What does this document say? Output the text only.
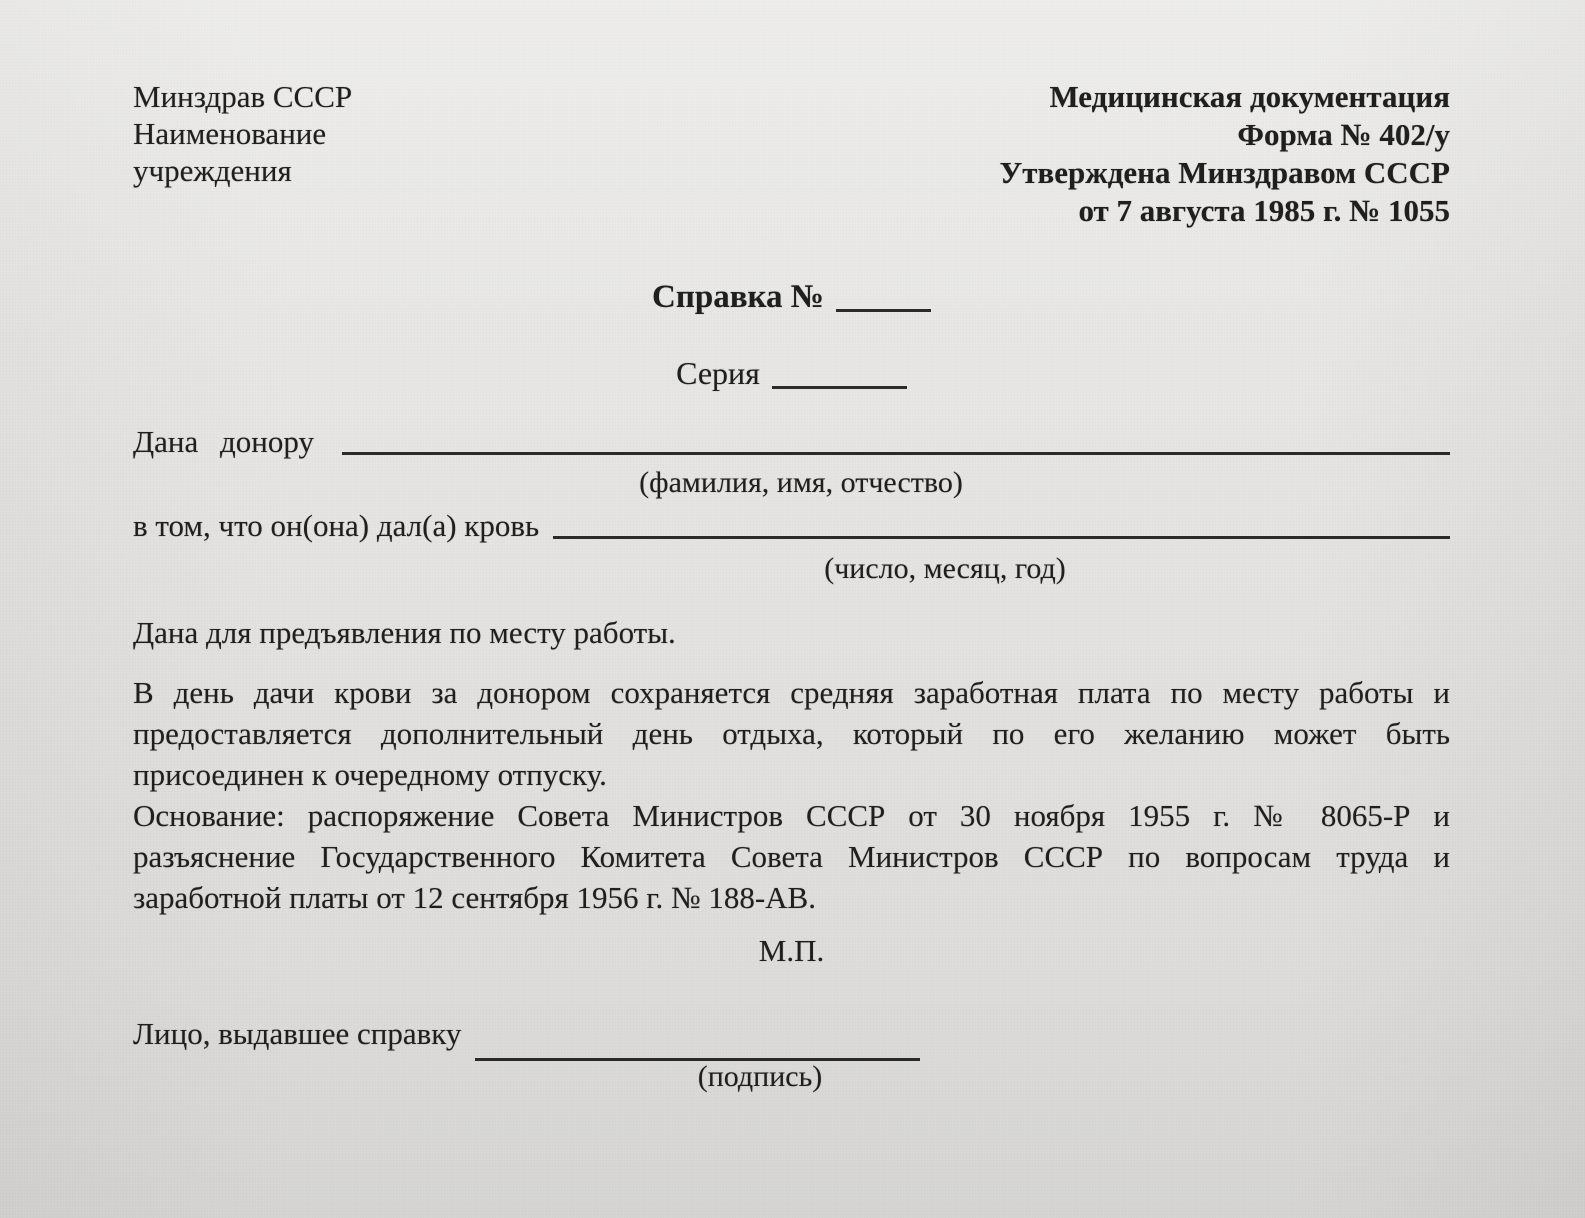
Минздрав СССР
Наименование
учреждения
Медицинская документация
Форма № 402/у
Утверждена Минздравом СССР
от 7 августа 1985 г. № 1055
Справка №
Серия
Дана донору
(фамилия, имя, отчество)
в том, что он(она) дал(а) кровь
(число, месяц, год)

Дана для предъявления по месту работы.

В день дачи крови за донором сохраняется средняя заработная плата по месту работы и
предоставляется дополнительный день отдыха, который по его желанию может быть
присоединен к очередному отпуску.
Основание: распоряжение Совета Министров СССР от 30 ноября 1955 г. № 8065-Р и
разъяснение Государственного Комитета Совета Министров СССР по вопросам труда и
заработной платы от 12 сентября 1956 г. № 188-АВ.
М.П.
Лицо, выдавшее справку
(подпись)
